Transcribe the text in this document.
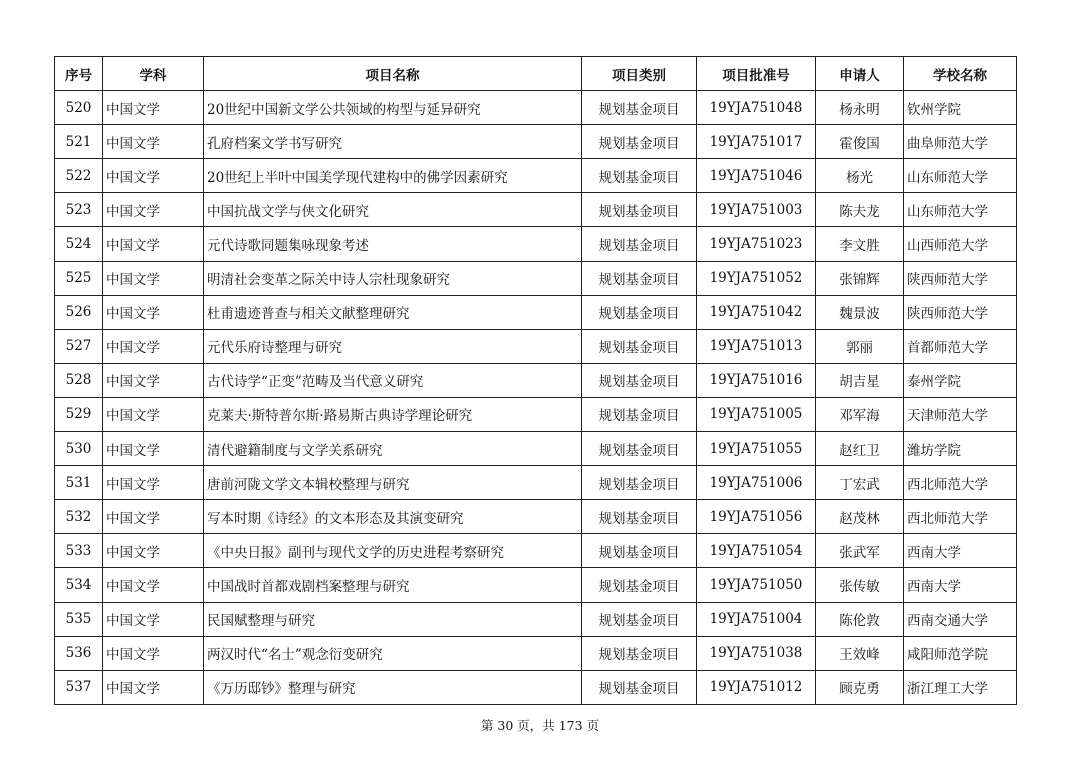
序号	学科	项目名称	项目类别	项目批准号	申请人	学校名称
520	中国文学	20世纪中国新文学公共领域的构型与延异研究	规划基金项目	19YJA751048	杨永明	钦州学院
521	中国文学	孔府档案文学书写研究	规划基金项目	19YJA751017	霍俊国	曲阜师范大学
522	中国文学	20世纪上半叶中国美学现代建构中的佛学因素研究	规划基金项目	19YJA751046	杨光	山东师范大学
523	中国文学	中国抗战文学与侠文化研究	规划基金项目	19YJA751003	陈夫龙	山东师范大学
524	中国文学	元代诗歌同题集咏现象考述	规划基金项目	19YJA751023	李文胜	山西师范大学
525	中国文学	明清社会变革之际关中诗人宗杜现象研究	规划基金项目	19YJA751052	张锦辉	陕西师范大学
526	中国文学	杜甫遗迹普查与相关文献整理研究	规划基金项目	19YJA751042	魏景波	陕西师范大学
527	中国文学	元代乐府诗整理与研究	规划基金项目	19YJA751013	郭丽	首都师范大学
528	中国文学	古代诗学“正变”范畴及当代意义研究	规划基金项目	19YJA751016	胡吉星	泰州学院
529	中国文学	克莱夫·斯特普尔斯·路易斯古典诗学理论研究	规划基金项目	19YJA751005	邓军海	天津师范大学
530	中国文学	清代避籍制度与文学关系研究	规划基金项目	19YJA751055	赵红卫	潍坊学院
531	中国文学	唐前河陇文学文本辑校整理与研究	规划基金项目	19YJA751006	丁宏武	西北师范大学
532	中国文学	写本时期《诗经》的文本形态及其演变研究	规划基金项目	19YJA751056	赵茂林	西北师范大学
533	中国文学	《中央日报》副刊与现代文学的历史进程考察研究	规划基金项目	19YJA751054	张武军	西南大学
534	中国文学	中国战时首都戏剧档案整理与研究	规划基金项目	19YJA751050	张传敏	西南大学
535	中国文学	民国赋整理与研究	规划基金项目	19YJA751004	陈伦敦	西南交通大学
536	中国文学	两汉时代“名士”观念衍变研究	规划基金项目	19YJA751038	王效峰	咸阳师范学院
537	中国文学	《万历邸钞》整理与研究	规划基金项目	19YJA751012	顾克勇	浙江理工大学
第 30 页，共 173 页
